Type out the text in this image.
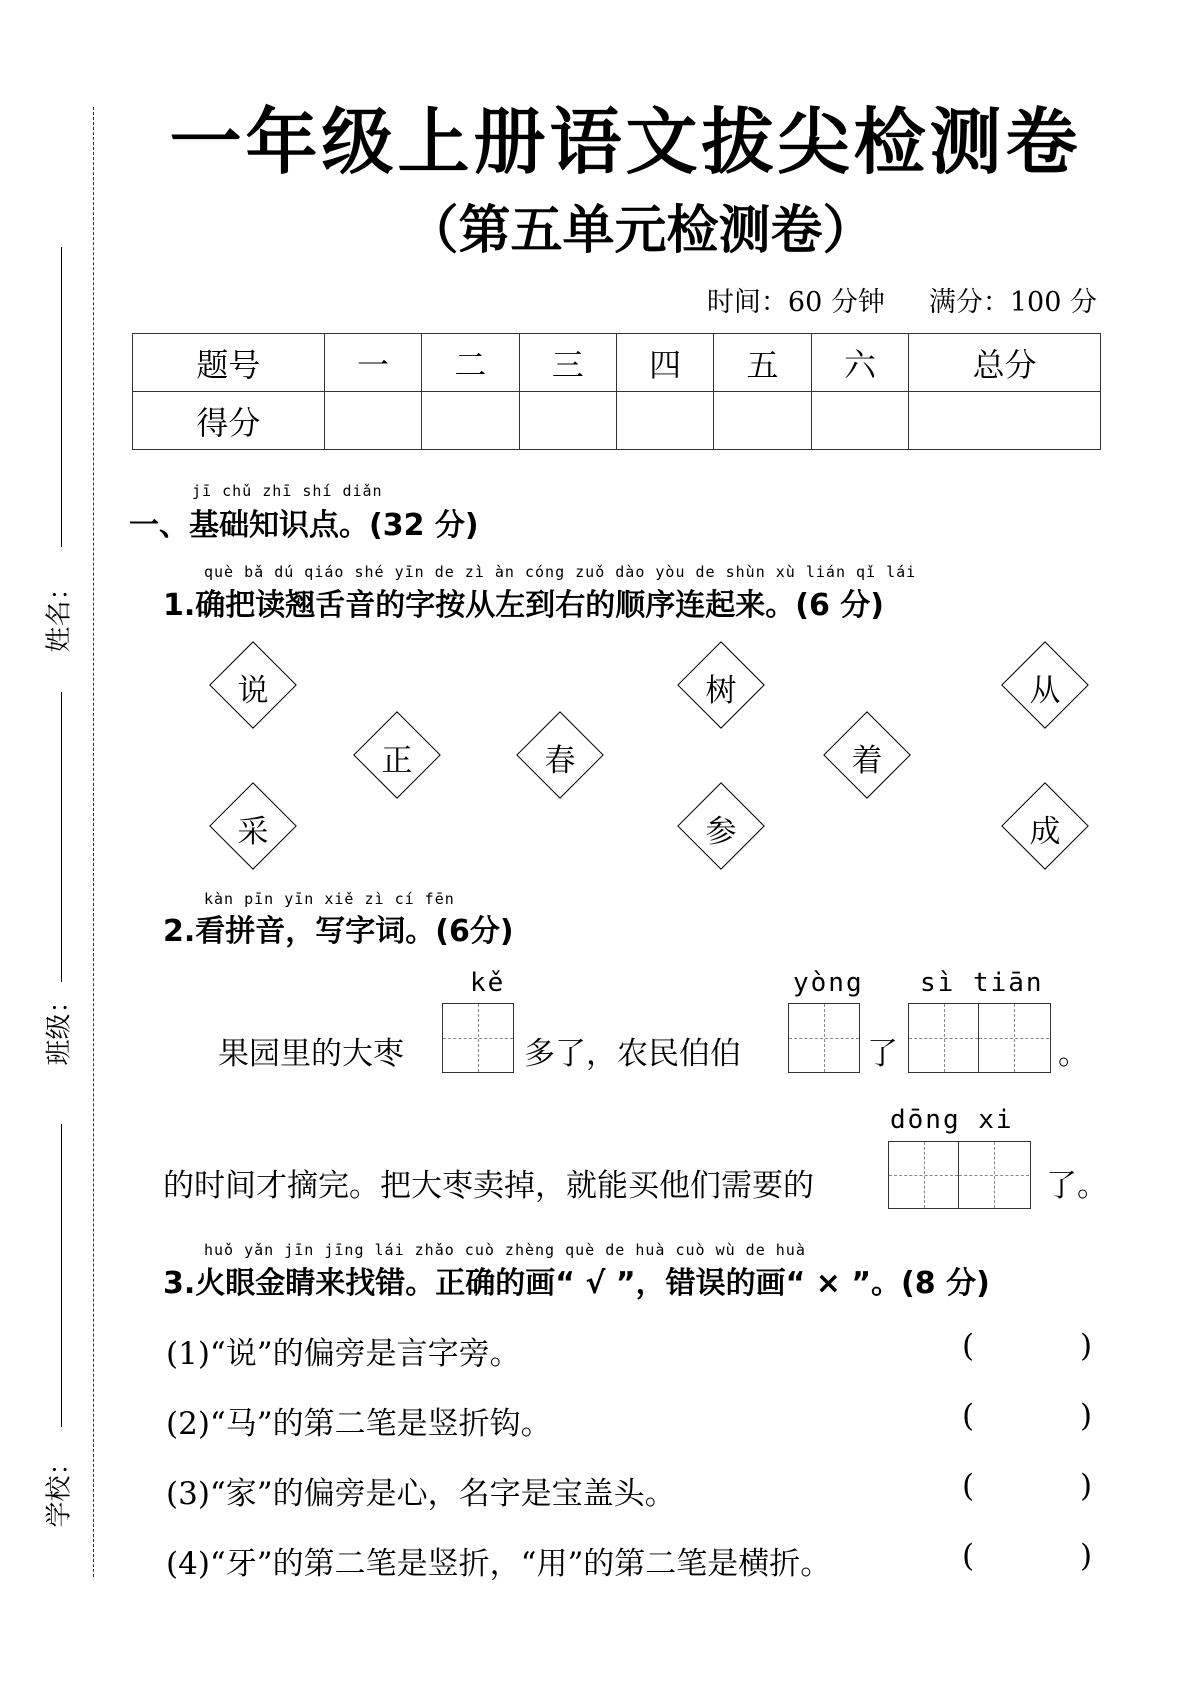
姓名：
班级：
学校：
一年级上册语文拔尖检测卷
（第五单元检测卷）
时间：60 分钟 满分：100 分
题号	一	二	三	四	五	六	总分
得分							
jī chǔ zhī shí diǎn
一、基础知识点。(32 分)
què bǎ dú qiáo shé yīn de zì àn cóng zuǒ dào yòu de shùn xù lián qǐ lái
1.确把读翘舌音的字按从左到右的顺序连起来。(6 分)
说	树	从
正	春	着
采	参	成
kàn pīn yīn xiě zì cí fēn
2.看拼音，写字词。(6分)
果园里的大枣
kě
多了，农民伯伯
yòng
了
sì tiān
。
dōng xi
的时间才摘完。把大枣卖掉，就能买他们需要的	了。
huǒ yǎn jīn jīng lái zhǎo cuò zhèng què de huà cuò wù de huà
3.火眼金睛来找错。正确的画“ √ ”，错误的画“ × ”。(8 分)
(1)“说”的偏旁是言字旁。	(	)
(2)“马”的第二笔是竖折钩。	(	)
(3)“家”的偏旁是心，名字是宝盖头。	(	)
(4)“牙”的第二笔是竖折，“用”的第二笔是横折。	(	)
